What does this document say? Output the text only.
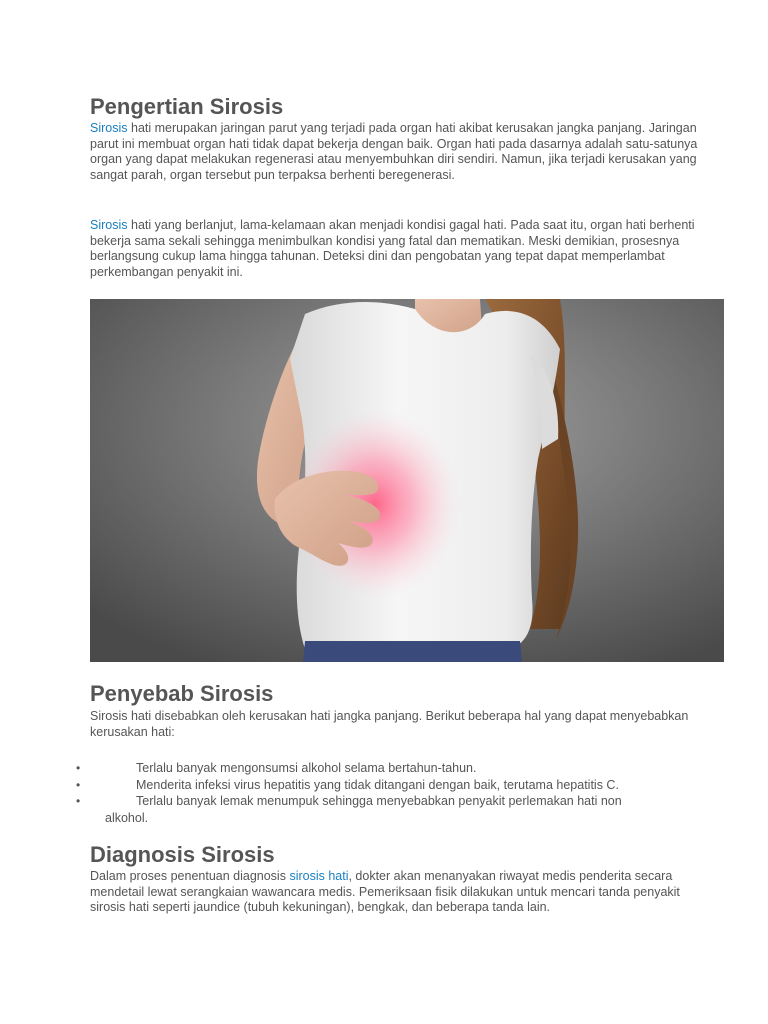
Pengertian Sirosis

Sirosis hati merupakan jaringan parut yang terjadi pada organ hati akibat kerusakan jangka panjang. Jaringan parut ini membuat organ hati tidak dapat bekerja dengan baik. Organ hati pada dasarnya adalah satu-satunya organ yang dapat melakukan regenerasi atau menyembuhkan diri sendiri. Namun, jika terjadi kerusakan yang sangat parah, organ tersebut pun terpaksa berhenti beregenerasi.

Sirosis hati yang berlanjut, lama-kelamaan akan menjadi kondisi gagal hati. Pada saat itu, organ hati berhenti bekerja sama sekali sehingga menimbulkan kondisi yang fatal dan mematikan. Meski demikian, prosesnya berlangsung cukup lama hingga tahunan. Deteksi dini dan pengobatan yang tepat dapat memperlambat perkembangan penyakit ini.

Penyebab Sirosis

Sirosis hati disebabkan oleh kerusakan hati jangka panjang. Berikut beberapa hal yang dapat menyebabkan kerusakan hati:

•	Terlalu banyak mengonsumsi alkohol selama bertahun-tahun.
•	Menderita infeksi virus hepatitis yang tidak ditangani dengan baik, terutama hepatitis C.
•	Terlalu banyak lemak menumpuk sehingga menyebabkan penyakit perlemakan hati non
alkohol.
Diagnosis Sirosis

Dalam proses penentuan diagnosis sirosis hati, dokter akan menanyakan riwayat medis penderita secara mendetail lewat serangkaian wawancara medis. Pemeriksaan fisik dilakukan untuk mencari tanda penyakit sirosis hati seperti jaundice (tubuh kekuningan), bengkak, dan beberapa tanda lain.
